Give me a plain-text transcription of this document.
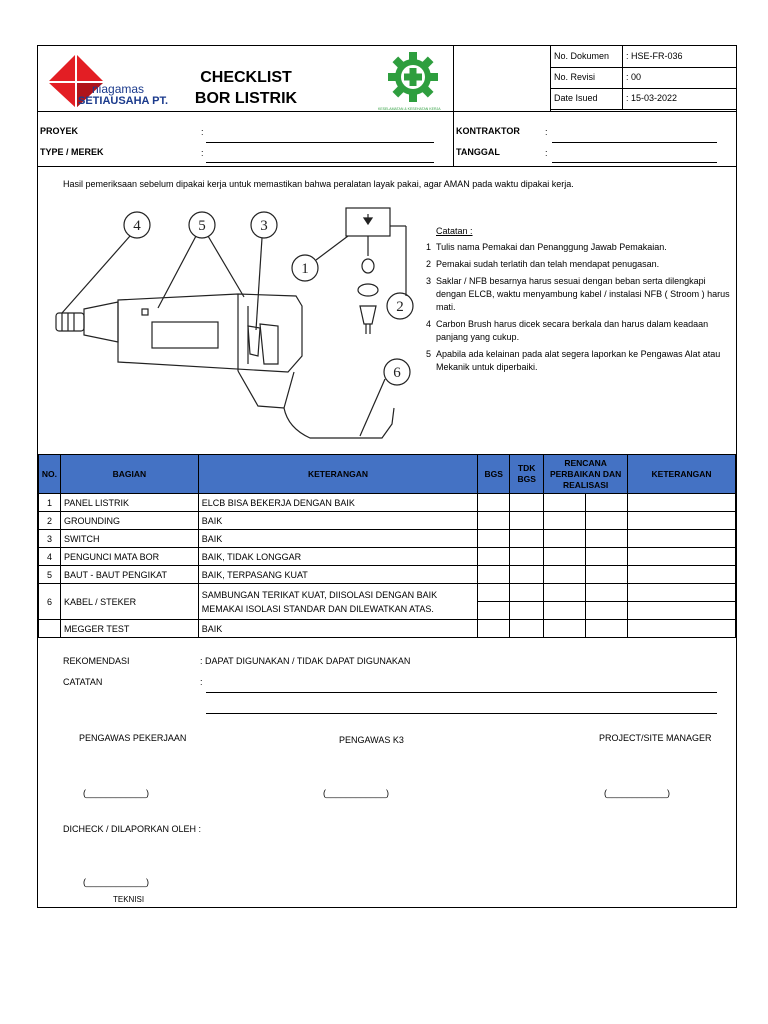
niagamas
SETIAUSAHA PT.
CHECKLIST
BOR LISTRIK
KESELAMATAN & KESEHATAN KERJA
No. Dokumen : HSE-FR-036
No. Revisi	: 00
Date Isued	: 15-03-2022
PROYEK	:
TYPE / MEREK	:
KONTRAKTOR	:
TANGGAL	:
Hasil pemeriksaan sebelum dipakai kerja untuk memastikan bahwa peralatan layak pakai, agar AMAN pada waktu dipakai kerja.
4	5	3
1
2
6
Catatan :
1 Tulis nama Pemakai dan Penanggung Jawab Pemakaian.
2 Pemakai sudah terlatih dan telah mendapat penugasan.
3 Saklar / NFB besarnya harus sesuai dengan beban serta dilengkapi dengan ELCB, waktu menyambung kabel / instalasi NFB ( Stroom ) harus mati.
4 Carbon Brush harus dicek secara berkala dan harus dalam keadaan panjang yang cukup.
5 Apabila ada kelainan pada alat segera laporkan ke Pengawas Alat atau Mekanik untuk diperbaiki.
NO.	BAGIAN	KETERANGAN	BGS	TDK BGS	RENCANA PERBAIKAN DAN REALISASI		KETERANGAN
1	PANEL LISTRIK	ELCB BISA BEKERJA DENGAN BAIK					
2	GROUNDING	BAIK					
3	SWITCH	BAIK					
4	PENGUNCI MATA BOR	BAIK, TIDAK LONGGAR					
5	BAUT - BAUT PENGIKAT	BAIK, TERPASANG KUAT					
6	KABEL / STEKER	SAMBUNGAN TERIKAT KUAT, DIISOLASI DENGAN BAIK MEMAKAI ISOLASI STANDAR DAN DILEWATKAN ATAS.					

	MEGGER TEST	BAIK					
REKOMENDASI	: DAPAT DIGUNAKAN / TIDAK DAPAT DIGUNAKAN
CATATAN	:
PENGAWAS PEKERJAAN	PENGAWAS K3	PROJECT/SITE MANAGER
(____________)	(____________)	(____________)
DICHECK / DILAPORKAN OLEH :
(____________)
TEKNISI
